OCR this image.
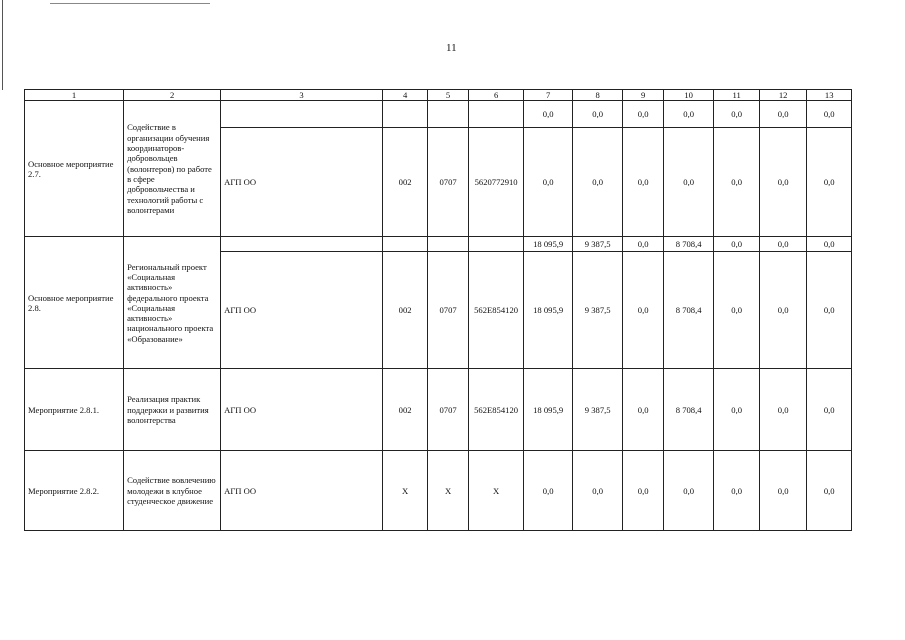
11
1	2	3	4	5	6	7	8	9	10	11	12	13
Основное мероприятие 2.7.	Содействие в организации обучения координаторов-добровольцев (волонтеров) по работе в сфере добровольчества и технологий работы с волонтерами					0,0	0,0	0,0	0,0	0,0	0,0	0,0
		АГП ОО	002	0707	5620772910	0,0	0,0	0,0	0,0	0,0	0,0	0,0
Основное мероприятие 2.8.	Региональный проект «Социальная активность» федерального проекта «Социальная активность» национального проекта «Образование»					18 095,9	9 387,5	0,0	8 708,4	0,0	0,0	0,0
		АГП ОО	002	0707	562E854120	18 095,9	9 387,5	0,0	8 708,4	0,0	0,0	0,0
Мероприятие 2.8.1.	Реализация практик поддержки и развития волонтерства	АГП ОО	002	0707	562E854120	18 095,9	9 387,5	0,0	8 708,4	0,0	0,0	0,0
Мероприятие 2.8.2.	Содействие вовлечению молодежи в клубное студенческое движение	АГП ОО	Х	Х	Х	0,0	0,0	0,0	0,0	0,0	0,0	0,0
